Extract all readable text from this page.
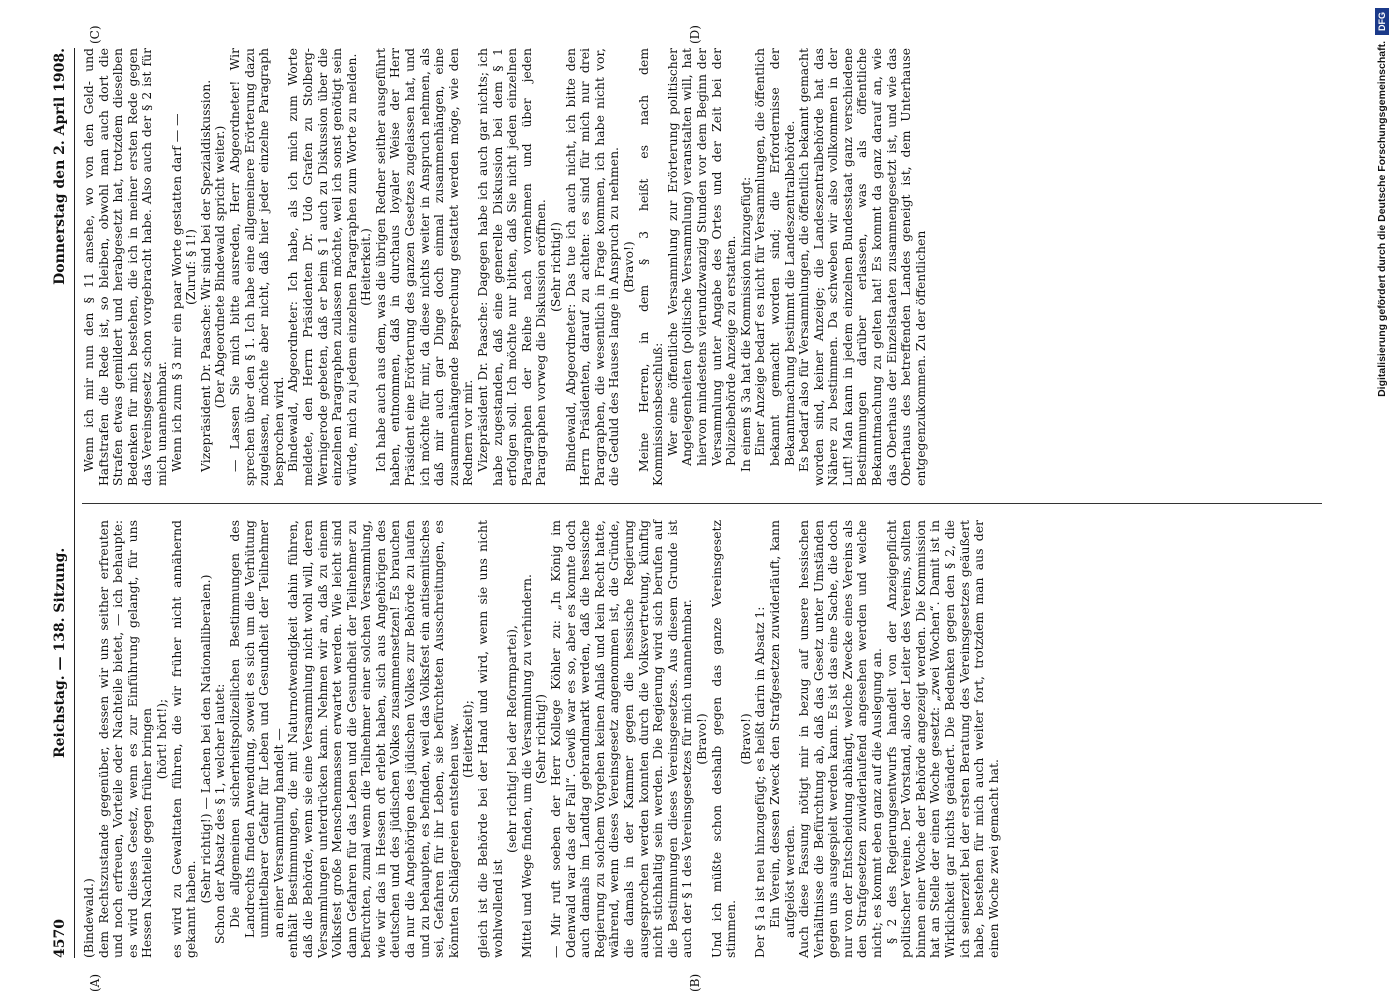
4570
Reichstag. — 138. Sitzung.
Donnerstag den 2. April 1908.
(A)	(B)
(C)	(D)

(Bindewald.) dem Rechtszustande gegenüber, dessen wir uns seither erfreuten und noch erfreuen, Vorteile oder Nachteile bietet, — ich behaupte: es wird dieses Gesetz, wenn es zur Einführung gelangt, für uns Hessen Nachteile gegen früher bringen (hört! hört!); es wird zu Gewalttaten führen, die wir früher nicht annähernd gekannt haben.

(Sehr richtig!) — Lachen bei den Nationalliberalen.) Schon der Absatz des § 1, welcher lautet: Die allgemeinen sicherheitspolizeilichen Bestimmungen des Landrechts finden Anwendung, soweit es sich um die Verhütung unmittelbarer Gefahr für Leben und Gesundheit der Teilnehmer an einer Versammlung handelt — enthält Bestimmungen, die mit Naturnotwendigkeit dahin führen, daß die Behörde, wenn sie eine Versammlung nicht wohl will, deren Versammlungen unterdrücken kann. Nehmen wir an, daß zu einem Volksfest große Menschenmassen erwartet werden. Wie leicht sind dann Gefahren für das Leben und die Gesundheit der Teilnehmer zu befürchten, zumal wenn die Teilnehmer einer solchen Versammlung, wie wir das in Hessen oft erlebt haben, sich aus Angehörigen des deutschen und des jüdischen Volkes zusammensetzen! Es brauchen da nur die Angehörigen des jüdischen Volkes zur Behörde zu laufen und zu behaupten, es befinden, weil das Volksfest ein antisemitisches sei, Gefahren für ihr Leben, sie befürchteten Ausschreitungen, es könnten Schlägereien entstehen usw. (Heiterkeit); gleich ist die Behörde bei der Hand und wird, wenn sie uns nicht wohlwollend ist

(sehr richtig! bei der Reformpartei), Mittel und Wege finden, um die Versammlung zu verhindern. (Sehr richtig!) — Mir ruft soeben der Herr Kollege Köhler zu: „In König im Odenwald war das der Fall“. Gewiß war es so, aber es konnte doch auch damals im Landtag gebrandmarkt werden, daß die hessische Regierung zu solchem Vorgehen keinen Anlaß und kein Recht hatte, während, wenn dieses Vereinsgesetz angenommen ist, die Gründe, die damals in der Kammer gegen die hessische Regierung ausgesprochen werden konnten durch die Volksvertretung, künftig nicht stichhaltig sein werden. Die Regierung wird sich berufen auf die Bestimmungen dieses Vereinsgesetzes. Aus diesem Grunde ist auch der § 1 des Vereinsgesetzes für mich unannehmbar. (Bravo!) Und ich müßte schon deshalb gegen das ganze Vereinsgesetz stimmen.

(Bravo!) Der § 1a ist neu hinzugefügt; es heißt darin in Absatz 1: Ein Verein, dessen Zweck den Strafgesetzen zuwiderläuft, kann aufgelöst werden. Auch diese Fassung nötigt mir in bezug auf unsere hessischen Verhältnisse die Befürchtung ab, daß das Gesetz unter Umständen gegen uns ausgespielt werden kann. Es ist das eine Sache, die doch nur von der Entscheidung abhängt, welche Zwecke eines Vereins als den Strafgesetzen zuwiderlaufend angesehen werden und welche nicht; es kommt eben ganz auf die Auslegung an. § 2 des Regierungsentwurfs handelt von der Anzeigepflicht politischer Vereine. Der Vorstand, also der Leiter des Vereins, sollten binnen einer Woche der Behörde angezeigt werden. Die Kommission hat an Stelle der einen Woche gesetzt: „zwei Wochen“. Damit ist in Wirklichkeit gar nichts geändert. Die Bedenken gegen den § 2, die ich seinerzeit bei der ersten Beratung des Vereinsgesetzes geäußert habe, bestehen für mich auch weiter fort, trotzdem man aus der einen Woche zwei gemacht hat.

Wenn ich mir nun den § 11 ansehe, wo von den Geld- und Haftstrafen die Rede ist, so bleiben, obwohl man auch dort die Strafen etwas gemildert und herabgesetzt hat, trotzdem dieselben Bedenken für mich bestehen, die ich in meiner ersten Rede gegen das Vereinsgesetz schon vorgebracht habe. Also auch der § 2 ist für mich unannehmbar. Wenn ich zum § 3 mir ein paar Worte gestatten darf — — (Zuruf: § 1!) Vizepräsident Dr. Paasche: Wir sind bei der Spezialdiskussion. (Der Abgeordnete Bindewald spricht weiter.) — Lassen Sie mich bitte ausreden, Herr Abgeordneter! Wir sprechen über den § 1. Ich habe eine allgemeinere Erörterung dazu zugelassen, möchte aber nicht, daß hier jeder einzelne Paragraph besprochen wird. Bindewald, Abgeordneter: Ich habe, als ich mich zum Worte meldete, den Herrn Präsidenten Dr. Udo Grafen zu Stolberg-Wernigerode gebeten, daß er beim § 1 auch zu Diskussion über die einzelnen Paragraphen zulassen möchte, weil ich sonst genötigt sein würde, mich zu jedem einzelnen Paragraphen zum Worte zu melden. (Heiterkeit.) Ich habe auch aus dem, was die übrigen Redner seither ausgeführt haben, entnommen, daß in durchaus loyaler Weise der Herr Präsident eine Erörterung des ganzen Gesetzes zugelassen hat, und ich möchte für mir, da diese nichts weiter in Anspruch nehmen, als daß mir auch gar Dinge doch einmal zusammenhängen, eine zusammenhängende Besprechung gestattet werden möge, wie den Rednern vor mir. Vizepräsident Dr. Paasche: Dagegen habe ich auch gar nichts; ich habe zugestanden, daß eine generelle Diskussion bei dem § 1 erfolgen soll. Ich möchte nur bitten, daß Sie nicht jeden einzelnen Paragraphen der Reihe nach vornehmen und über jeden Paragraphen vorweg die Diskussion eröffnen. (Sehr richtig!) Bindewald, Abgeordneter: Das tue ich auch nicht, ich bitte den Herrn Präsidenten, darauf zu achten: es sind für mich nur drei Paragraphen, die wesentlich in Frage kommen, ich habe nicht vor, die Geduld des Hauses lange in Anspruch zu nehmen. (Bravo!) Meine Herren, in dem § 3 heißt es nach dem Kommissionsbeschluß: Wer eine öffentliche Versammlung zur Erörterung politischer Angelegenheiten (politische Versammlung) veranstalten will, hat hiervon mindestens vierundzwanzig Stunden vor dem Beginn der Versammlung unter Angabe des Ortes und der Zeit bei der Polizeibehörde Anzeige zu erstatten. In einem § 3a hat die Kommission hinzugefügt: Einer Anzeige bedarf es nicht für Versammlungen, die öffentlich bekannt gemacht worden sind; die Erfordernisse der Bekanntmachung bestimmt die Landeszentralbehörde. Es bedarf also für Versammlungen, die öffentlich bekannt gemacht worden sind, keiner Anzeige; die Landeszentralbehörde hat das Nähere zu bestimmen. Da schweben wir also vollkommen in der Luft! Man kann in jedem einzelnen Bundesstaat ganz verschiedene Bestimmungen darüber erlassen, was als öffentliche Bekanntmachung zu gelten hat! Es kommt da ganz darauf an, wie das Oberhaus der Einzelstaaten zusammengesetzt ist, und wie das Oberhaus des betreffenden Landes geneigt ist, dem Unterhause entgegenzukommen. Zu der öffentlichen	Digitalisierung gefördert durch die Deutsche Forschungsgemeinschaft.
DFG
